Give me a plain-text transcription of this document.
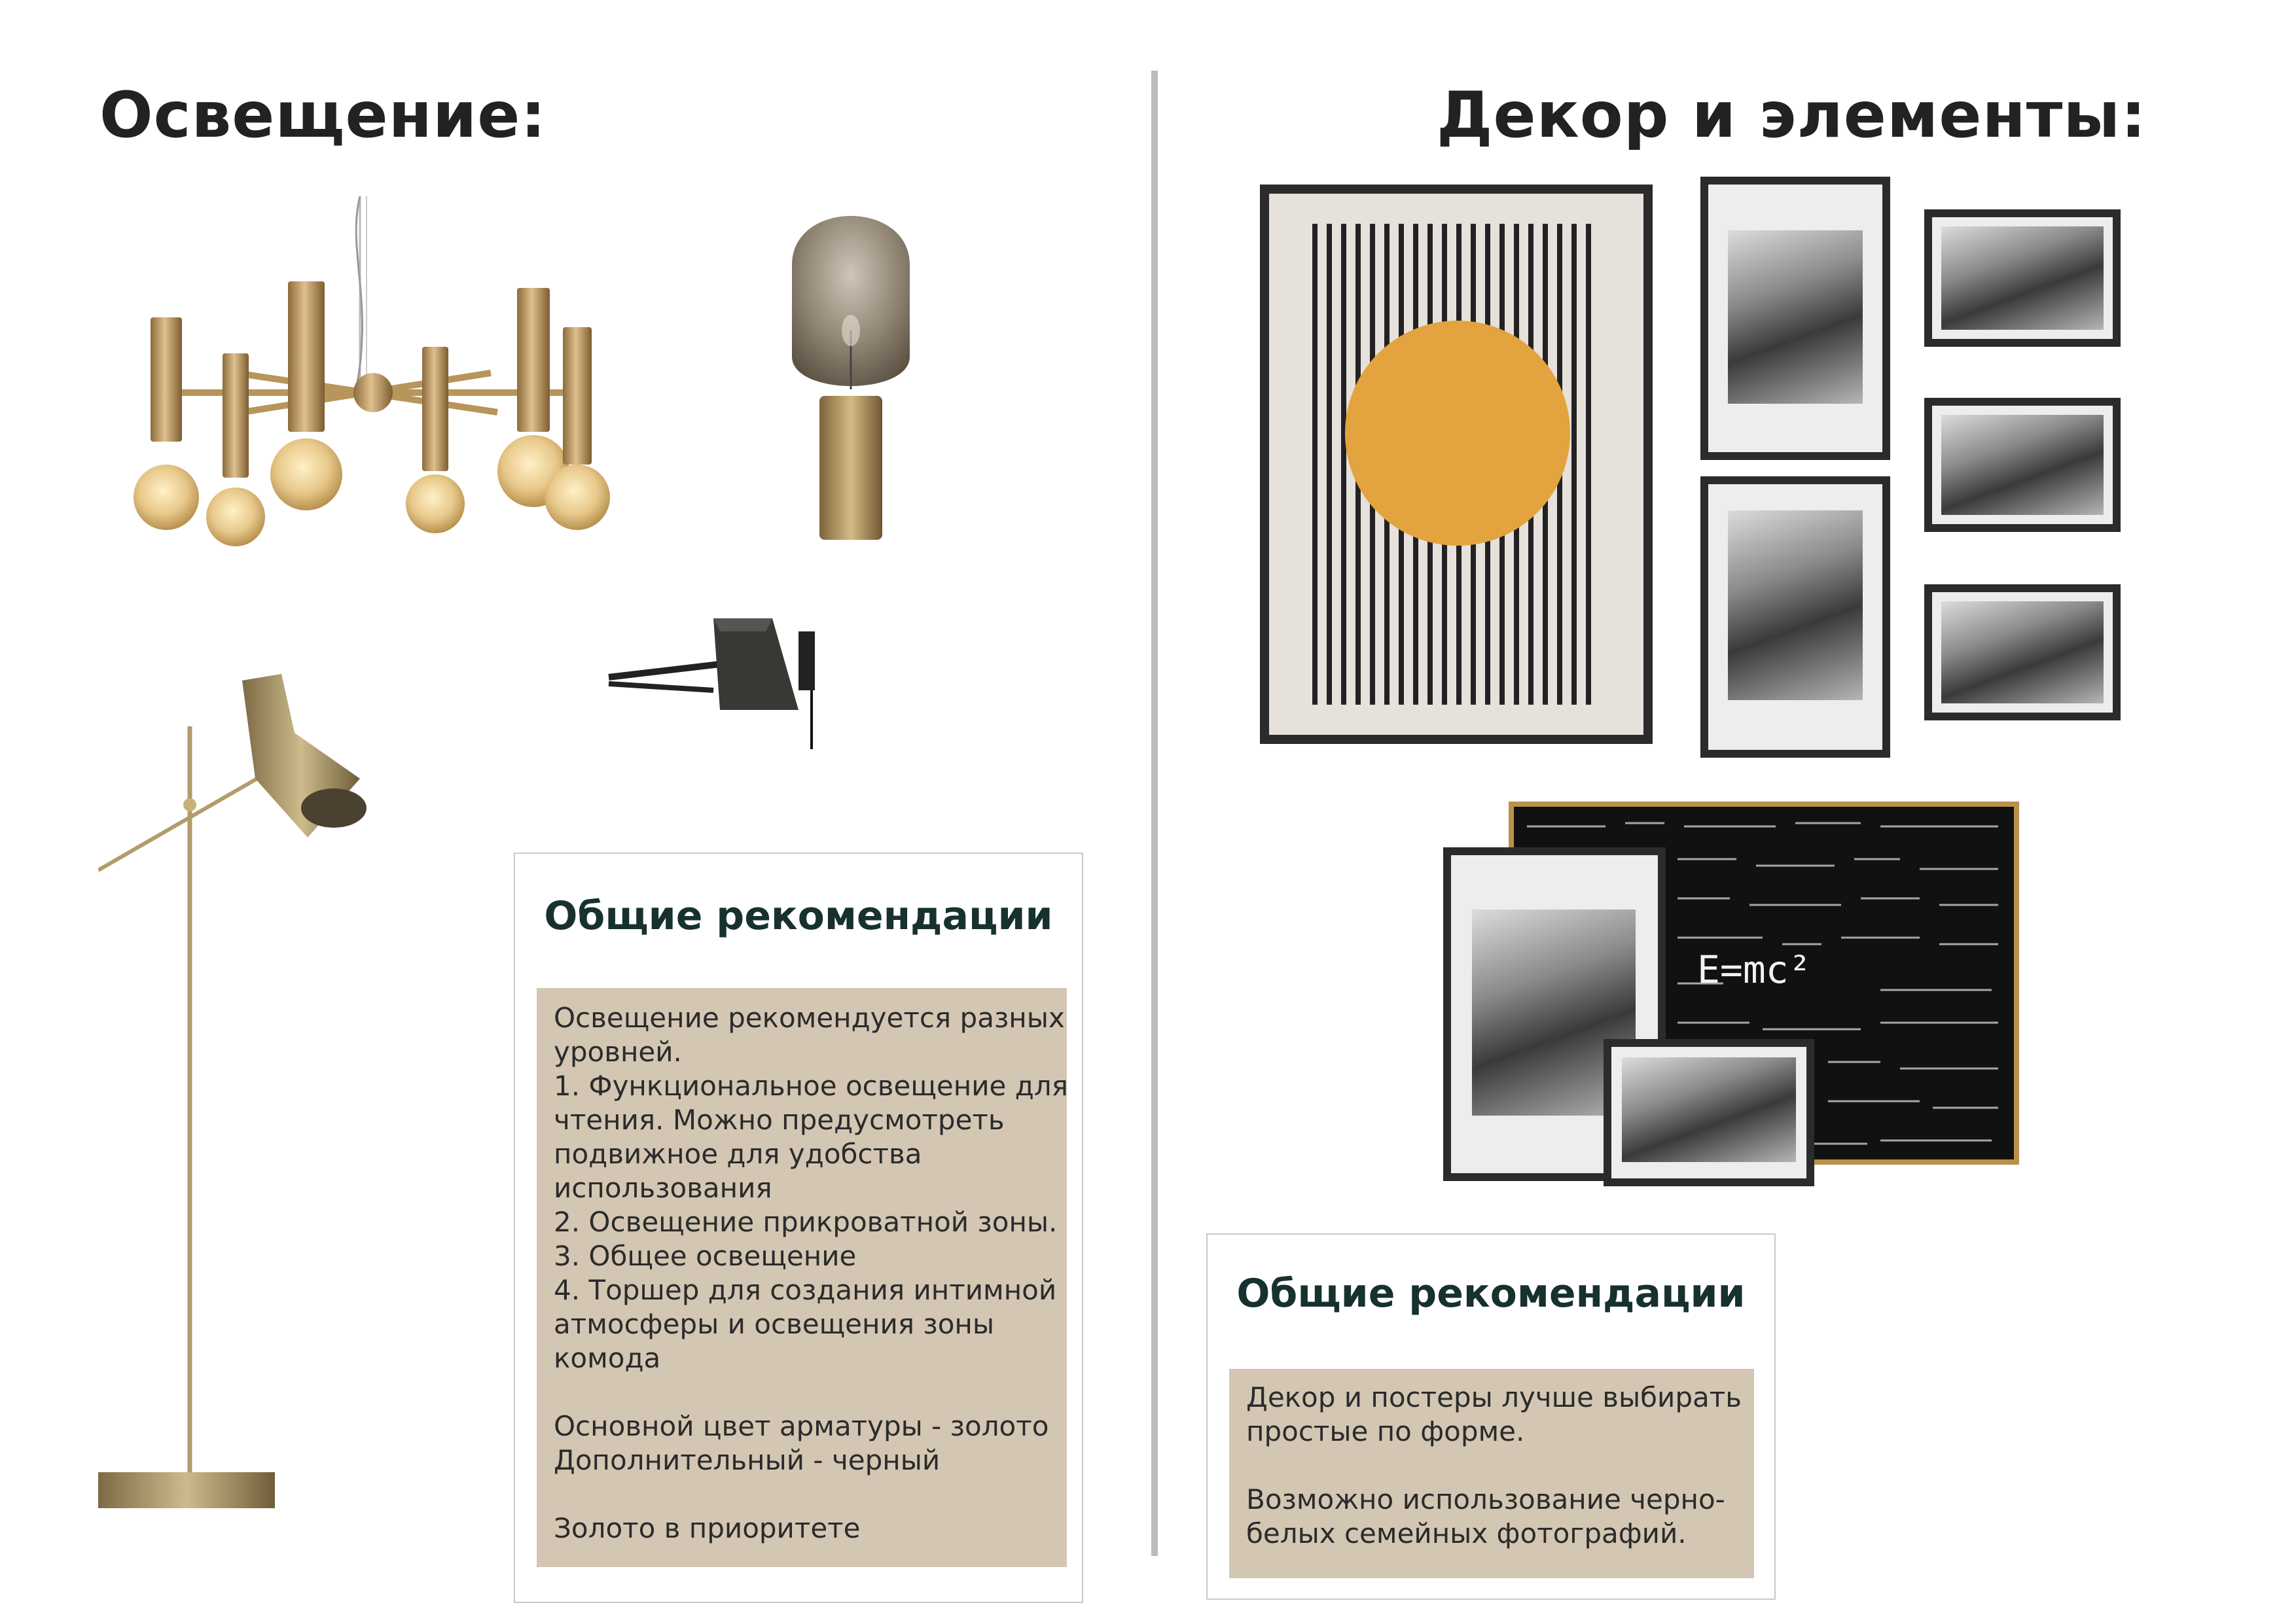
Освещение:
Общие рекомендации
Освещение рекомендуется разных
уровней.
1. Функциональное освещение для
чтения. Можно предусмотреть
подвижное для удобства
использования
2. Освещение прикроватной зоны.
3. Общее освещение
4. Торшер для создания интимной
атмосферы и освещения зоны
комода
Основной цвет арматуры - золото
Дополнительный - черный
Золото в приоритете
Декор и элементы:
E=mc²
Общие рекомендации
Декор и постеры лучше выбирать
простые по форме.
Возможно использование черно-
белых семейных фотографий.
